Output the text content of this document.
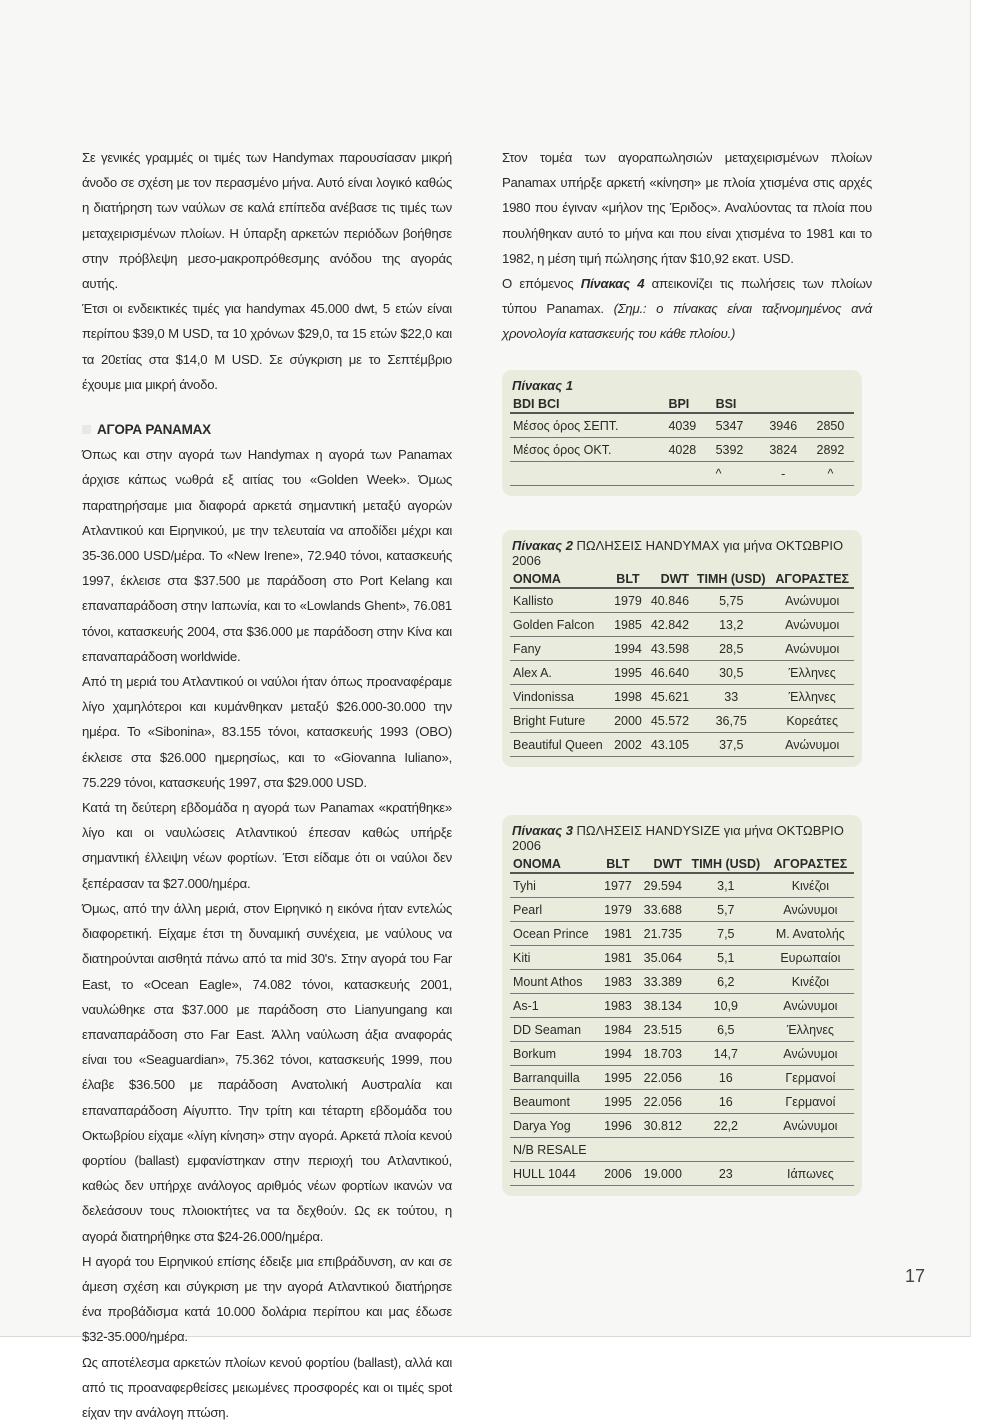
Σε γενικές γραμμές οι τιμές των Handymax παρουσίασαν μικρή άνοδο σε σχέση με τον περασμένο μήνα. Αυτό είναι λογικό καθώς η διατήρηση των ναύλων σε καλά επίπεδα ανέβασε τις τιμές των μεταχειρισμένων πλοίων. Η ύπαρξη αρκετών περιόδων βοήθησε στην πρόβλεψη μεσο-μακροπρόθεσμης ανόδου της αγοράς αυτής.

Έτσι οι ενδεικτικές τιμές για handymax 45.000 dwt, 5 ετών είναι περίπου $39,0 M USD, τα 10 χρόνων $29,0, τα 15 ετών $22,0 και τα 20ετίας στα $14,0 M USD. Σε σύγκριση με το Σεπτέμβριο έχουμε μια μικρή άνοδο.

ΑΓΟΡΑ PANAMAX

Όπως και στην αγορά των Handymax η αγορά των Panamax άρχισε κάπως νωθρά εξ αιτίας του «Golden Week». Όμως παρατηρήσαμε μια διαφορά αρκετά σημαντική μεταξύ αγορών Ατλαντικού και Ειρηνικού, με την τελευταία να αποδίδει μέχρι και 35-36.000 USD/μέρα. Το «New Irene», 72.940 τόνοι, κατασκευής 1997, έκλεισε στα $37.500 με παράδοση στο Port Kelang και επαναπαράδοση στην Ιαπωνία, και το «Lowlands Ghent», 76.081 τόνοι, κατασκευής 2004, στα $36.000 με παράδοση στην Κίνα και επαναπαράδοση worldwide.

Από τη μεριά του Ατλαντικού οι ναύλοι ήταν όπως προαναφέραμε λίγο χαμηλότεροι και κυμάνθηκαν μεταξύ $26.000-30.000 την ημέρα. Το «Sibonina», 83.155 τόνοι, κατασκευής 1993 (OBO) έκλεισε στα $26.000 ημερησίως, και το «Giovanna Iuliano», 75.229 τόνοι, κατασκευής 1997, στα $29.000 USD.

Κατά τη δεύτερη εβδομάδα η αγορά των Panamax «κρατήθηκε» λίγο και οι ναυλώσεις Ατλαντικού έπεσαν καθώς υπήρξε σημαντική έλλειψη νέων φορτίων. Έτσι είδαμε ότι οι ναύλοι δεν ξεπέρασαν τα $27.000/ημέρα.

Όμως, από την άλλη μεριά, στον Ειρηνικό η εικόνα ήταν εντελώς διαφορετική. Είχαμε έτσι τη δυναμική συνέχεια, με ναύλους να διατηρούνται αισθητά πάνω από τα mid 30's. Στην αγορά του Far East, το «Ocean Eagle», 74.082 τόνοι, κατασκευής 2001, ναυλώθηκε στα $37.000 με παράδοση στο Lianyungang και επαναπαράδοση στο Far East. Άλλη ναύλωση άξια αναφοράς είναι του «Seaguardian», 75.362 τόνοι, κατασκευής 1999, που έλαβε $36.500 με παράδοση Ανατολική Αυστραλία και επαναπαράδοση Αίγυπτο. Την τρίτη και τέταρτη εβδομάδα του Οκτωβρίου είχαμε «λίγη κίνηση» στην αγορά. Αρκετά πλοία κενού φορτίου (ballast) εμφανίστηκαν στην περιοχή του Ατλαντικού, καθώς δεν υπήρχε ανάλογος αριθμός νέων φορτίων ικανών να δελεάσουν τους πλοιοκτήτες να τα δεχθούν. Ως εκ τούτου, η αγορά διατηρήθηκε στα $24-26.000/ημέρα.

Η αγορά του Ειρηνικού επίσης έδειξε μια επιβράδυνση, αν και σε άμεση σχέση και σύγκριση με την αγορά Ατλαντικού διατήρησε ένα προβάδισμα κατά 10.000 δολάρια περίπου και μας έδωσε $32-35.000/ημέρα.

Ως αποτέλεσμα αρκετών πλοίων κενού φορτίου (ballast), αλλά και από τις προαναφερθείσες μειωμένες προσφορές και οι τιμές spot είχαν την ανάλογη πτώση.

Στον τομέα των αγοραπωλησιών μεταχειρισμένων πλοίων Panamax υπήρξε αρκετή «κίνηση» με πλοία χτισμένα στις αρχές 1980 που έγιναν «μήλον της Έριδος». Αναλύοντας τα πλοία που πουλήθηκαν αυτό το μήνα και που είναι χτισμένα το 1981 και το 1982, η μέση τιμή πώλησης ήταν $10,92 εκατ. USD.

Ο επόμενος Πίνακας 4 απεικονίζει τις πωλήσεις των πλοίων τύπου Panamax. (Σημ.: ο πίνακας είναι ταξινομημένος ανά χρονολογία κατασκευής του κάθε πλοίου.)

Πίνακας 1
BDI BCI	BPI	BSI		
Μέσος όρος ΣΕΠΤ.	4039	5347	3946	2850
Μέσος όρος ΟΚΤ.	4028	5392	3824	2892
		^	-	^
Πίνακας 2 ΠΩΛΗΣΕΙΣ HANDYMAX για μήνα ΟΚΤΩΒΡΙΟ 2006
ΟΝΟΜΑ	BLT	DWT	ΤΙΜΗ (USD)	ΑΓΟΡΑΣΤΕΣ
Kallisto	1979	40.846	5,75	Ανώνυμοι
Golden Falcon	1985	42.842	13,2	Ανώνυμοι
Fany	1994	43.598	28,5	Ανώνυμοι
Alex A.	1995	46.640	30,5	Έλληνες
Vindonissa	1998	45.621	33	Έλληνες
Bright Future	2000	45.572	36,75	Κορεάτες
Beautiful Queen	2002	43.105	37,5	Ανώνυμοι
Πίνακας 3 ΠΩΛΗΣΕΙΣ HANDYSIZE για μήνα ΟΚΤΩΒΡΙΟ 2006
ΟΝΟΜΑ	BLT	DWT	ΤΙΜΗ (USD)	ΑΓΟΡΑΣΤΕΣ
Tyhi	1977	29.594	3,1	Κινέζοι
Pearl	1979	33.688	5,7	Ανώνυμοι
Ocean Prince	1981	21.735	7,5	Μ. Ανατολής
Kiti	1981	35.064	5,1	Ευρωπαίοι
Mount Athos	1983	33.389	6,2	Κινέζοι
As-1	1983	38.134	10,9	Ανώνυμοι
DD Seaman	1984	23.515	6,5	Έλληνες
Borkum	1994	18.703	14,7	Ανώνυμοι
Barranquilla	1995	22.056	16	Γερμανοί
Beaumont	1995	22.056	16	Γερμανοί
Darya Yog	1996	30.812	22,2	Ανώνυμοι
N/B RESALE				
HULL 1044	2006	19.000	23	Ιάπωνες
17
